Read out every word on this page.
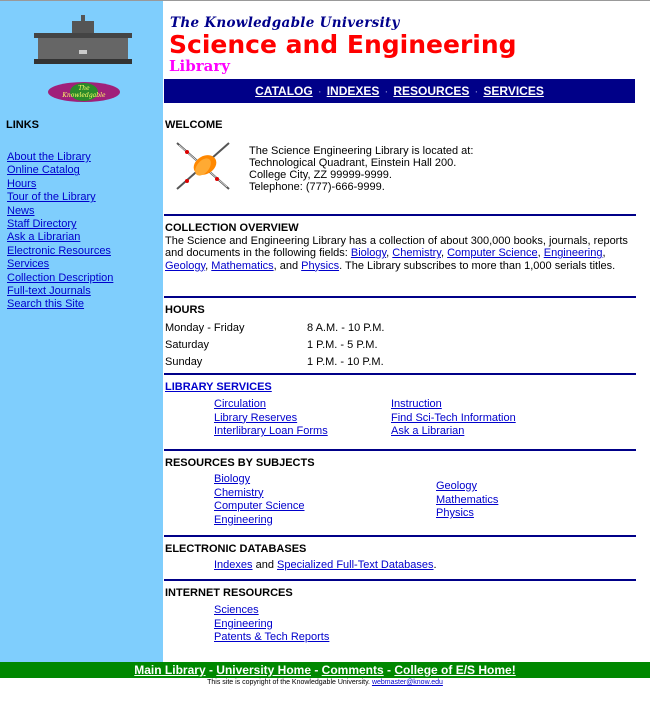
The
Knowledgable
LINKS
About the Library
Online Catalog
Hours
Tour of the Library
News
Staff Directory
Ask a Librarian
Electronic Resources
Services
Collection Description
Full-text Journals
Search this Site
The Knowledgable University
Science and Engineering
Library
CATALOG · INDEXES · RESOURCES · SERVICES
WELCOME
The Science Engineering Library is located at:
Technological Quadrant, Einstein Hall 200.
College City, ZZ 99999-9999.
Telephone: (777)-666-9999.
COLLECTION OVERVIEW
The Science and Engineering Library has a collection of about 300,000 books, journals, reports and documents in the following fields: Biology, Chemistry, Computer Science, Engineering, Geology, Mathematics, and Physics. The Library subscribes to more than 1,000 serials titles.
HOURS
Monday - Friday	8 A.M. - 10 P.M.
Saturday	1 P.M. - 5 P.M.
Sunday	1 P.M. - 10 P.M.
LIBRARY SERVICES
Circulation
Library Reserves
Interlibrary Loan Forms
Instruction
Find Sci-Tech Information
Ask a Librarian
RESOURCES BY SUBJECTS
Biology
Chemistry
Computer Science
Engineering
Geology
Mathematics
Physics
ELECTRONIC DATABASES
Indexes and Specialized Full-Text Databases.
INTERNET RESOURCES
Sciences
Engineering
Patents & Tech Reports
Main Library - University Home - Comments - College of E/S Home!
This site is copyright of the Knowledgable University. webmaster@know.edu
